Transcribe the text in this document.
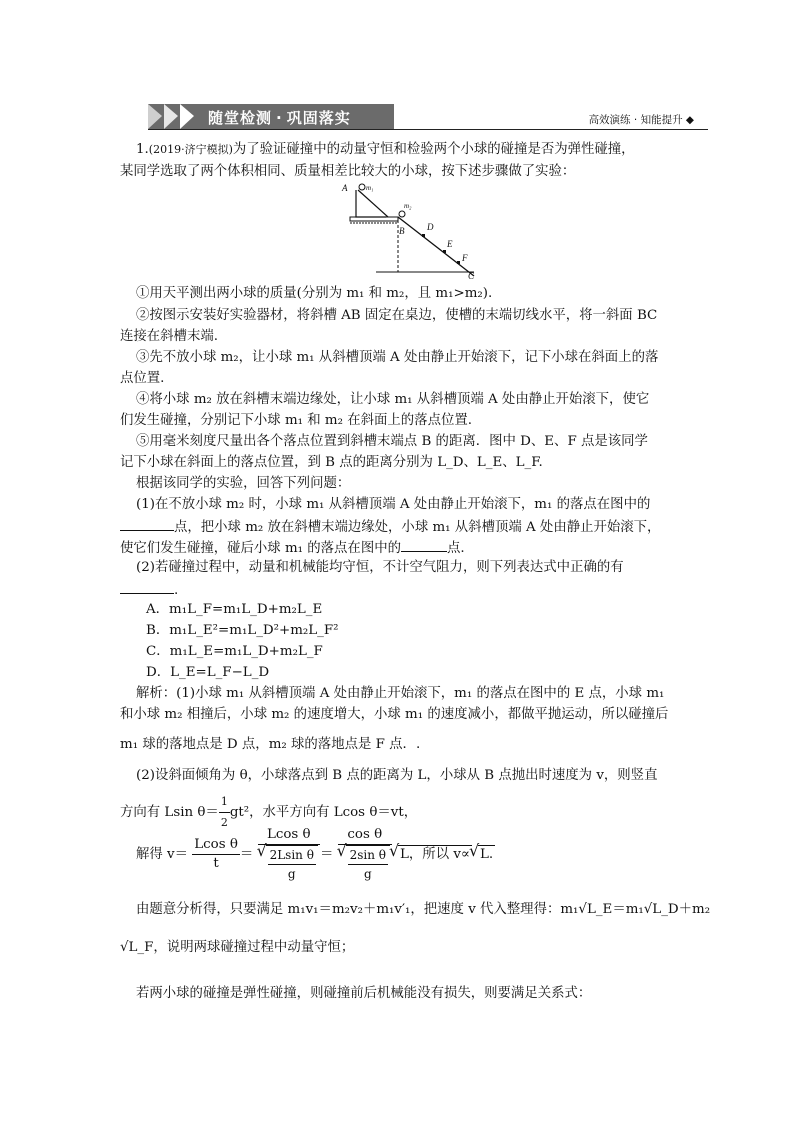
随堂检测 · 巩固落实	高效演练 · 知能提升 ◆
1.(2019·济宁模拟)为了验证碰撞中的动量守恒和检验两个小球的碰撞是否为弹性碰撞，
某同学选取了两个体积相同、质量相差比较大的小球，按下述步骤做了实验：
A	m₁
m₂
B	D
E
F
C
①用天平测出两小球的质量(分别为 m₁ 和 m₂，且 m₁>m₂).
②按图示安装好实验器材，将斜槽 AB 固定在桌边，使槽的末端切线水平，将一斜面 BC
连接在斜槽末端.
③先不放小球 m₂，让小球 m₁ 从斜槽顶端 A 处由静止开始滚下，记下小球在斜面上的落
点位置.
④将小球 m₂ 放在斜槽末端边缘处，让小球 m₁ 从斜槽顶端 A 处由静止开始滚下，使它
们发生碰撞，分别记下小球 m₁ 和 m₂ 在斜面上的落点位置.
⑤用毫米刻度尺量出各个落点位置到斜槽末端点 B 的距离．图中 D、E、F 点是该同学
记下小球在斜面上的落点位置，到 B 点的距离分别为 L_D、L_E、L_F.
根据该同学的实验，回答下列问题：
(1)在不放小球 m₂ 时，小球 m₁ 从斜槽顶端 A 处由静止开始滚下，m₁ 的落点在图中的
点，把小球 m₂ 放在斜槽末端边缘处，小球 m₁ 从斜槽顶端 A 处由静止开始滚下，
使它们发生碰撞，碰后小球 m₁ 的落点在图中的	点.
(2)若碰撞过程中，动量和机械能均守恒，不计空气阻力，则下列表达式中正确的有
.
A．m₁L_F=m₁L_D+m₂L_E
B．m₁L_E²=m₁L_D²+m₂L_F²
C．m₁L_E=m₁L_D+m₂L_F
D．L_E=L_F−L_D
解析：(1)小球 m₁ 从斜槽顶端 A 处由静止开始滚下，m₁ 的落点在图中的 E 点，小球 m₁
和小球 m₂ 相撞后，小球 m₂ 的速度增大，小球 m₁ 的速度减小，都做平抛运动，所以碰撞后
m₁ 球的落地点是 D 点，m₂ 球的落地点是 F 点．.
(2)设斜面倾角为 θ，小球落点到 B 点的距离为 L，小球从 B 点抛出时速度为 v，则竖直
方向有 Lsin $\theta= \frac{1}{2} gt^2$，水平方向有 Lcos θ＝vt，
解得 $v= \frac{\text{Lcos θ}}{t} = Lcos$ θ
√ $\frac{\text{2Lsin θ}}{g} = \cos \theta$
√ $\frac{\text{2sin θ}}{g}$ √ L，所以 v∝ √ L.
由题意分析得，只要满足 m₁v₁＝m₂v₂＋m₁v′₁，把速度 v 代入整理得：m₁√L_E＝m₁√L_D＋m₂
√L_F，说明两球碰撞过程中动量守恒；
若两小球的碰撞是弹性碰撞，则碰撞前后机械能没有损失，则要满足关系式：
